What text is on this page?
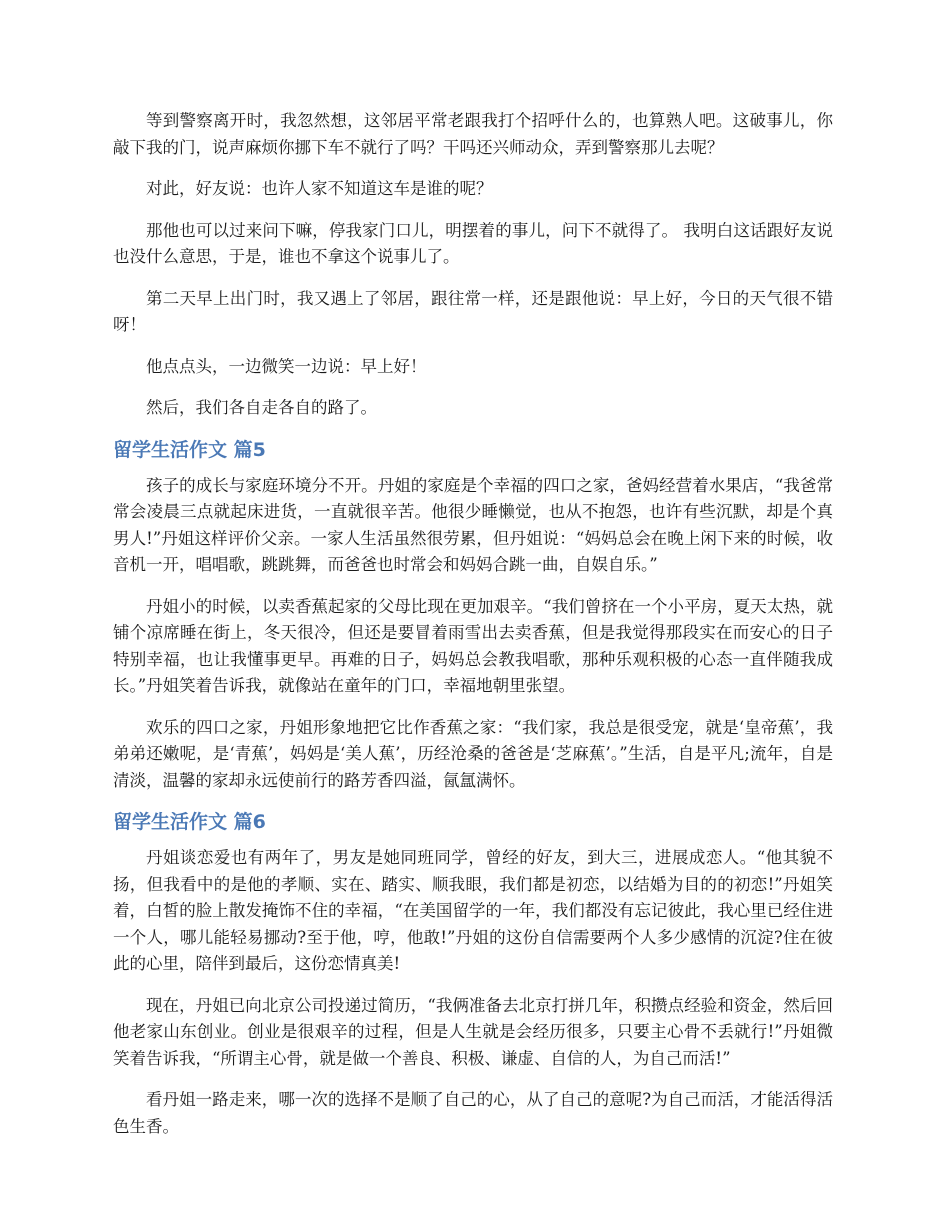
等到警察离开时，我忽然想，这邻居平常老跟我打个招呼什么的，也算熟人吧。这破事儿，你敲下我的门，说声麻烦你挪下车不就行了吗？干吗还兴师动众，弄到警察那儿去呢？

对此，好友说：也许人家不知道这车是谁的呢？

那他也可以过来问下嘛，停我家门口儿，明摆着的事儿，问下不就得了。 我明白这话跟好友说也没什么意思，于是，谁也不拿这个说事儿了。

第二天早上出门时，我又遇上了邻居，跟往常一样，还是跟他说：早上好，今日的天气很不错呀！

他点点头，一边微笑一边说：早上好！

然后，我们各自走各自的路了。

留学生活作文 篇5

孩子的成长与家庭环境分不开。丹姐的家庭是个幸福的四口之家，爸妈经营着水果店，“我爸常常会凌晨三点就起床进货，一直就很辛苦。他很少睡懒觉，也从不抱怨，也许有些沉默，却是个真男人!”丹姐这样评价父亲。一家人生活虽然很劳累，但丹姐说：“妈妈总会在晚上闲下来的时候，收音机一开，唱唱歌，跳跳舞，而爸爸也时常会和妈妈合跳一曲，自娱自乐。”

丹姐小的时候，以卖香蕉起家的父母比现在更加艰辛。“我们曾挤在一个小平房，夏天太热，就铺个凉席睡在街上，冬天很冷，但还是要冒着雨雪出去卖香蕉，但是我觉得那段实在而安心的日子特别幸福，也让我懂事更早。再难的日子，妈妈总会教我唱歌，那种乐观积极的心态一直伴随我成长。”丹姐笑着告诉我，就像站在童年的门口，幸福地朝里张望。

欢乐的四口之家，丹姐形象地把它比作香蕉之家：“我们家，我总是很受宠，就是‘皇帝蕉’，我弟弟还嫩呢，是‘青蕉’，妈妈是‘美人蕉’，历经沧桑的爸爸是‘芝麻蕉’。”生活，自是平凡;流年，自是清淡，温馨的家却永远使前行的路芳香四溢，氤氲满怀。

留学生活作文 篇6

丹姐谈恋爱也有两年了，男友是她同班同学，曾经的好友，到大三，进展成恋人。“他其貌不扬，但我看中的是他的孝顺、实在、踏实、顺我眼，我们都是初恋，以结婚为目的的初恋!”丹姐笑着，白皙的脸上散发掩饰不住的幸福，“在美国留学的一年，我们都没有忘记彼此，我心里已经住进一个人，哪儿能轻易挪动?至于他，哼，他敢!”丹姐的这份自信需要两个人多少感情的沉淀?住在彼此的心里，陪伴到最后，这份恋情真美!

现在，丹姐已向北京公司投递过简历，“我俩准备去北京打拼几年，积攒点经验和资金，然后回他老家山东创业。创业是很艰辛的过程，但是人生就是会经历很多，只要主心骨不丢就行!”丹姐微笑着告诉我，“所谓主心骨，就是做一个善良、积极、谦虚、自信的人，为自己而活!”

看丹姐一路走来，哪一次的选择不是顺了自己的心，从了自己的意呢?为自己而活，才能活得活色生香。
